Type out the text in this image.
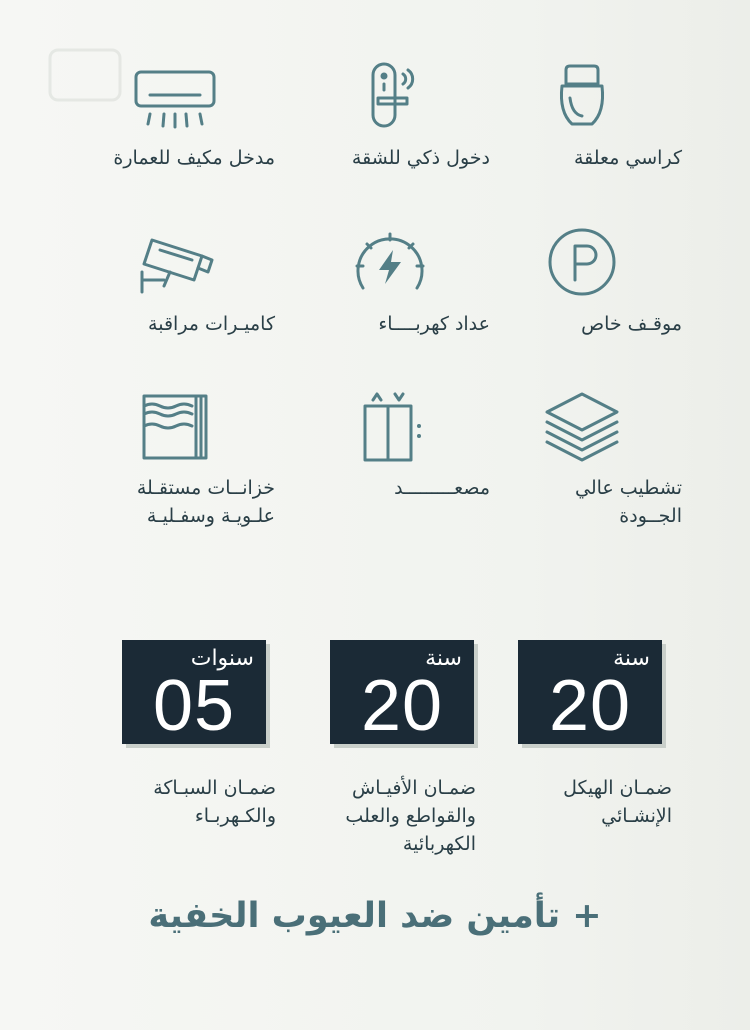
مدخل مكيف للعمارة	دخول ذكي للشقة	كراسي معلقة
كاميـرات مراقبة	عداد كهربــــاء	موقـف خاص
خزانــات مستقـلة
علـويـة وسفـليـة
مصعـــــــــد	تشطيب عالي
الجــودة
سنوات
05
ضمـان السبـاكة
والكـهربـاء
سنة
20
ضمـان الأفيـاش
والقواطع والعلب
الكهربائية
سنة
20
ضمـان الهيكل
الإنشـائي
+ تأمين ضد العيوب الخفية
